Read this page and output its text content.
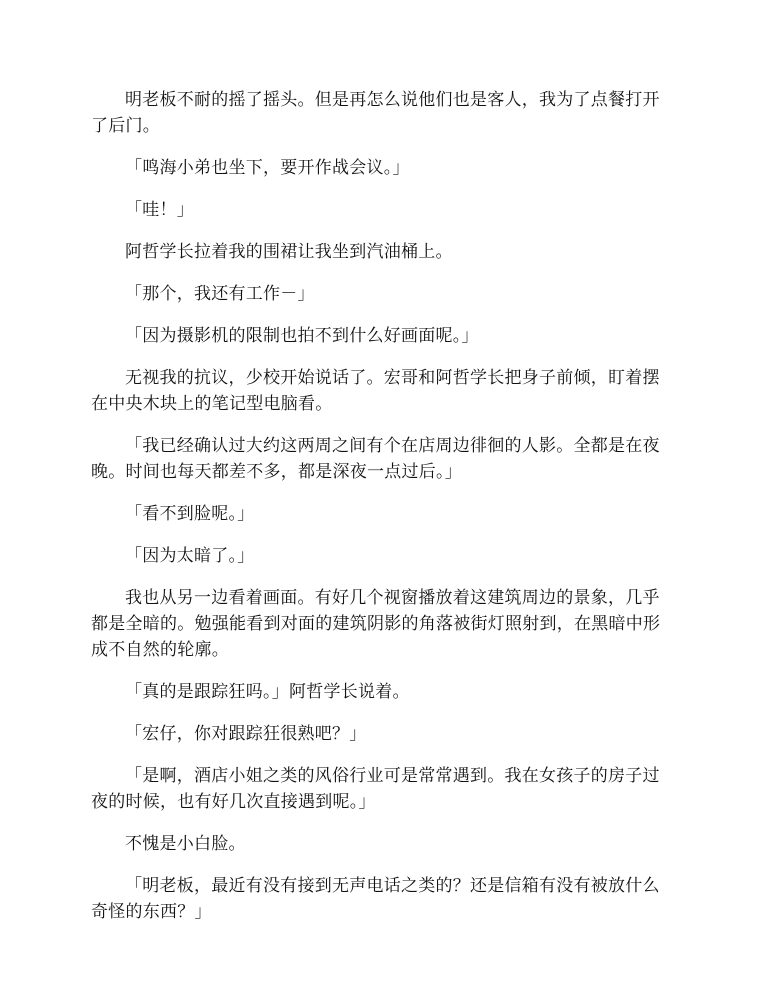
明老板不耐的摇了摇头。但是再怎么说他们也是客人，我为了点餐打开了后门。

「鸣海小弟也坐下，要开作战会议。」

「哇！」

阿哲学长拉着我的围裙让我坐到汽油桶上。

「那个，我还有工作－」

「因为摄影机的限制也拍不到什么好画面呢。」

无视我的抗议，少校开始说话了。宏哥和阿哲学长把身子前倾，盯着摆在中央木块上的笔记型电脑看。

「我已经确认过大约这两周之间有个在店周边徘徊的人影。全都是在夜晚。时间也每天都差不多，都是深夜一点过后。」

「看不到脸呢。」

「因为太暗了。」

我也从另一边看着画面。有好几个视窗播放着这建筑周边的景象，几乎都是全暗的。勉强能看到对面的建筑阴影的角落被街灯照射到，在黑暗中形成不自然的轮廓。

「真的是跟踪狂吗。」阿哲学长说着。

「宏仔，你对跟踪狂很熟吧？」

「是啊，酒店小姐之类的风俗行业可是常常遇到。我在女孩子的房子过夜的时候，也有好几次直接遇到呢。」

不愧是小白脸。

「明老板，最近有没有接到无声电话之类的？还是信箱有没有被放什么奇怪的东西？」
